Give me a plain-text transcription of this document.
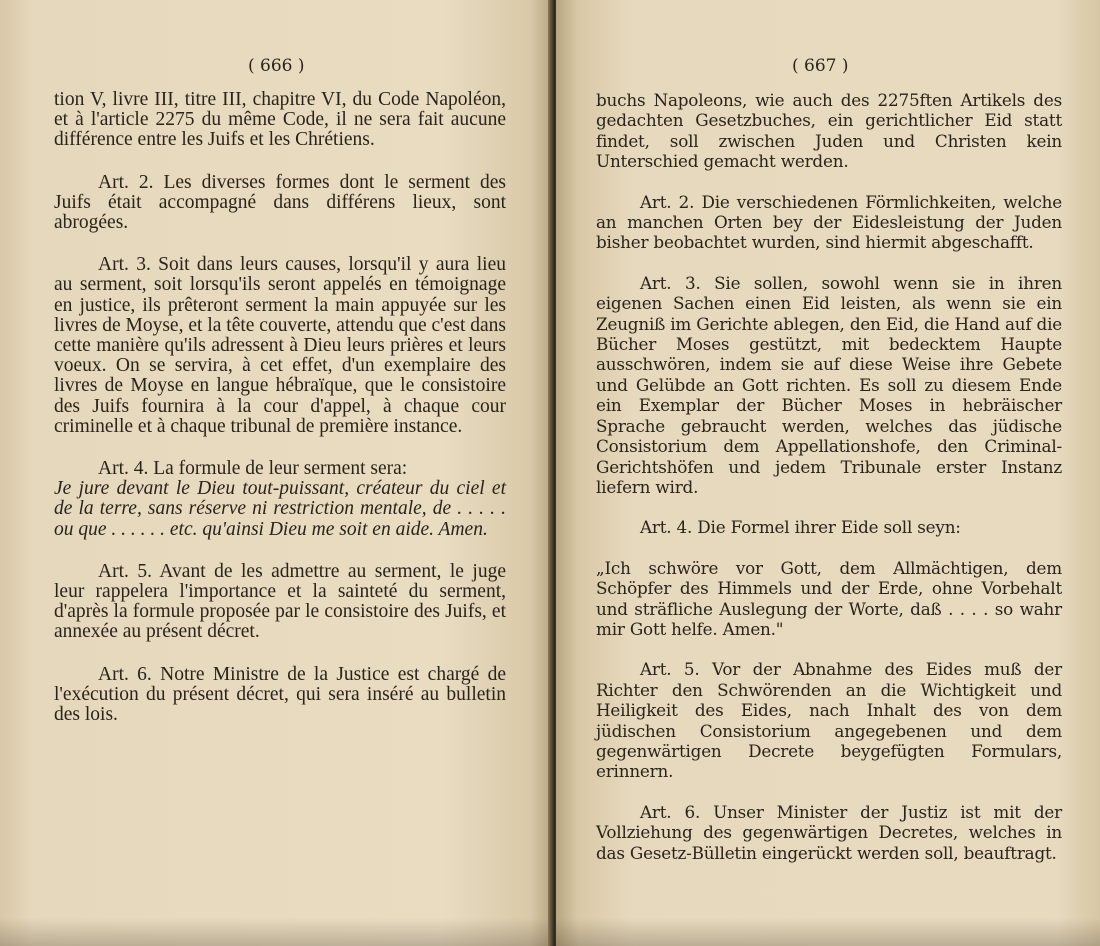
( 666 )

tion V, livre III, titre III, chapitre VI, du Code Napoléon, et à l'article 2275 du même Code, il ne sera fait aucune différence entre les Juifs et les Chrétiens.

Art. 2. Les diverses formes dont le serment des Juifs était accompagné dans différens lieux, sont abrogées.

Art. 3. Soit dans leurs causes, lorsqu'il y aura lieu au serment, soit lorsqu'ils seront appelés en témoignage en justice, ils prêteront serment la main appuyée sur les livres de Moyse, et la tête couverte, attendu que c'est dans cette manière qu'ils adressent à Dieu leurs prières et leurs voeux. On se servira, à cet effet, d'un exemplaire des livres de Moyse en langue hébraïque, que le consistoire des Juifs fournira à la cour d'appel, à chaque cour criminelle et à chaque tribunal de première instance.

Art. 4. La formule de leur serment sera:

Je jure devant le Dieu tout-puissant, créateur du ciel et de la terre, sans réserve ni restriction mentale, de . . . . . ou que . . . . . . etc. qu'ainsi Dieu me soit en aide. Amen.

Art. 5. Avant de les admettre au serment, le juge leur rappelera l'importance et la sainteté du serment, d'après la formule proposée par le consistoire des Juifs, et annexée au présent décret.

Art. 6. Notre Ministre de la Justice est chargé de l'exécution du présent décret, qui sera inséré au bulletin des lois.

( 667 )

buchs Napoleons, wie auch des 2275ften Artikels des gedachten Gesetzbuches, ein gerichtlicher Eid statt findet, soll zwischen Juden und Christen kein Unterschied gemacht werden.

Art. 2. Die verschiedenen Förmlichkeiten, welche an manchen Orten bey der Eidesleistung der Juden bisher beobachtet wurden, sind hiermit abgeschafft.

Art. 3. Sie sollen, sowohl wenn sie in ihren eigenen Sachen einen Eid leisten, als wenn sie ein Zeugniß im Gerichte ablegen, den Eid, die Hand auf die Bücher Moses gestützt, mit bedecktem Haupte ausschwören, indem sie auf diese Weise ihre Gebete und Gelübde an Gott richten. Es soll zu diesem Ende ein Exemplar der Bücher Moses in hebräischer Sprache gebraucht werden, welches das jüdische Consistorium dem Appellationshofe, den Criminal-Gerichtshöfen und jedem Tribunale erster Instanz liefern wird.

Art. 4. Die Formel ihrer Eide soll seyn:

„Ich schwöre vor Gott, dem Allmächtigen, dem Schöpfer des Himmels und der Erde, ohne Vorbehalt und sträfliche Auslegung der Worte, daß . . . . so wahr mir Gott helfe. Amen."

Art. 5. Vor der Abnahme des Eides muß der Richter den Schwörenden an die Wichtigkeit und Heiligkeit des Eides, nach Inhalt des von dem jüdischen Consistorium angegebenen und dem gegenwärtigen Decrete beygefügten Formulars, erinnern.

Art. 6. Unser Minister der Justiz ist mit der Vollziehung des gegenwärtigen Decretes, welches in das Gesetz-Bülletin eingerückt werden soll, beauftragt.
